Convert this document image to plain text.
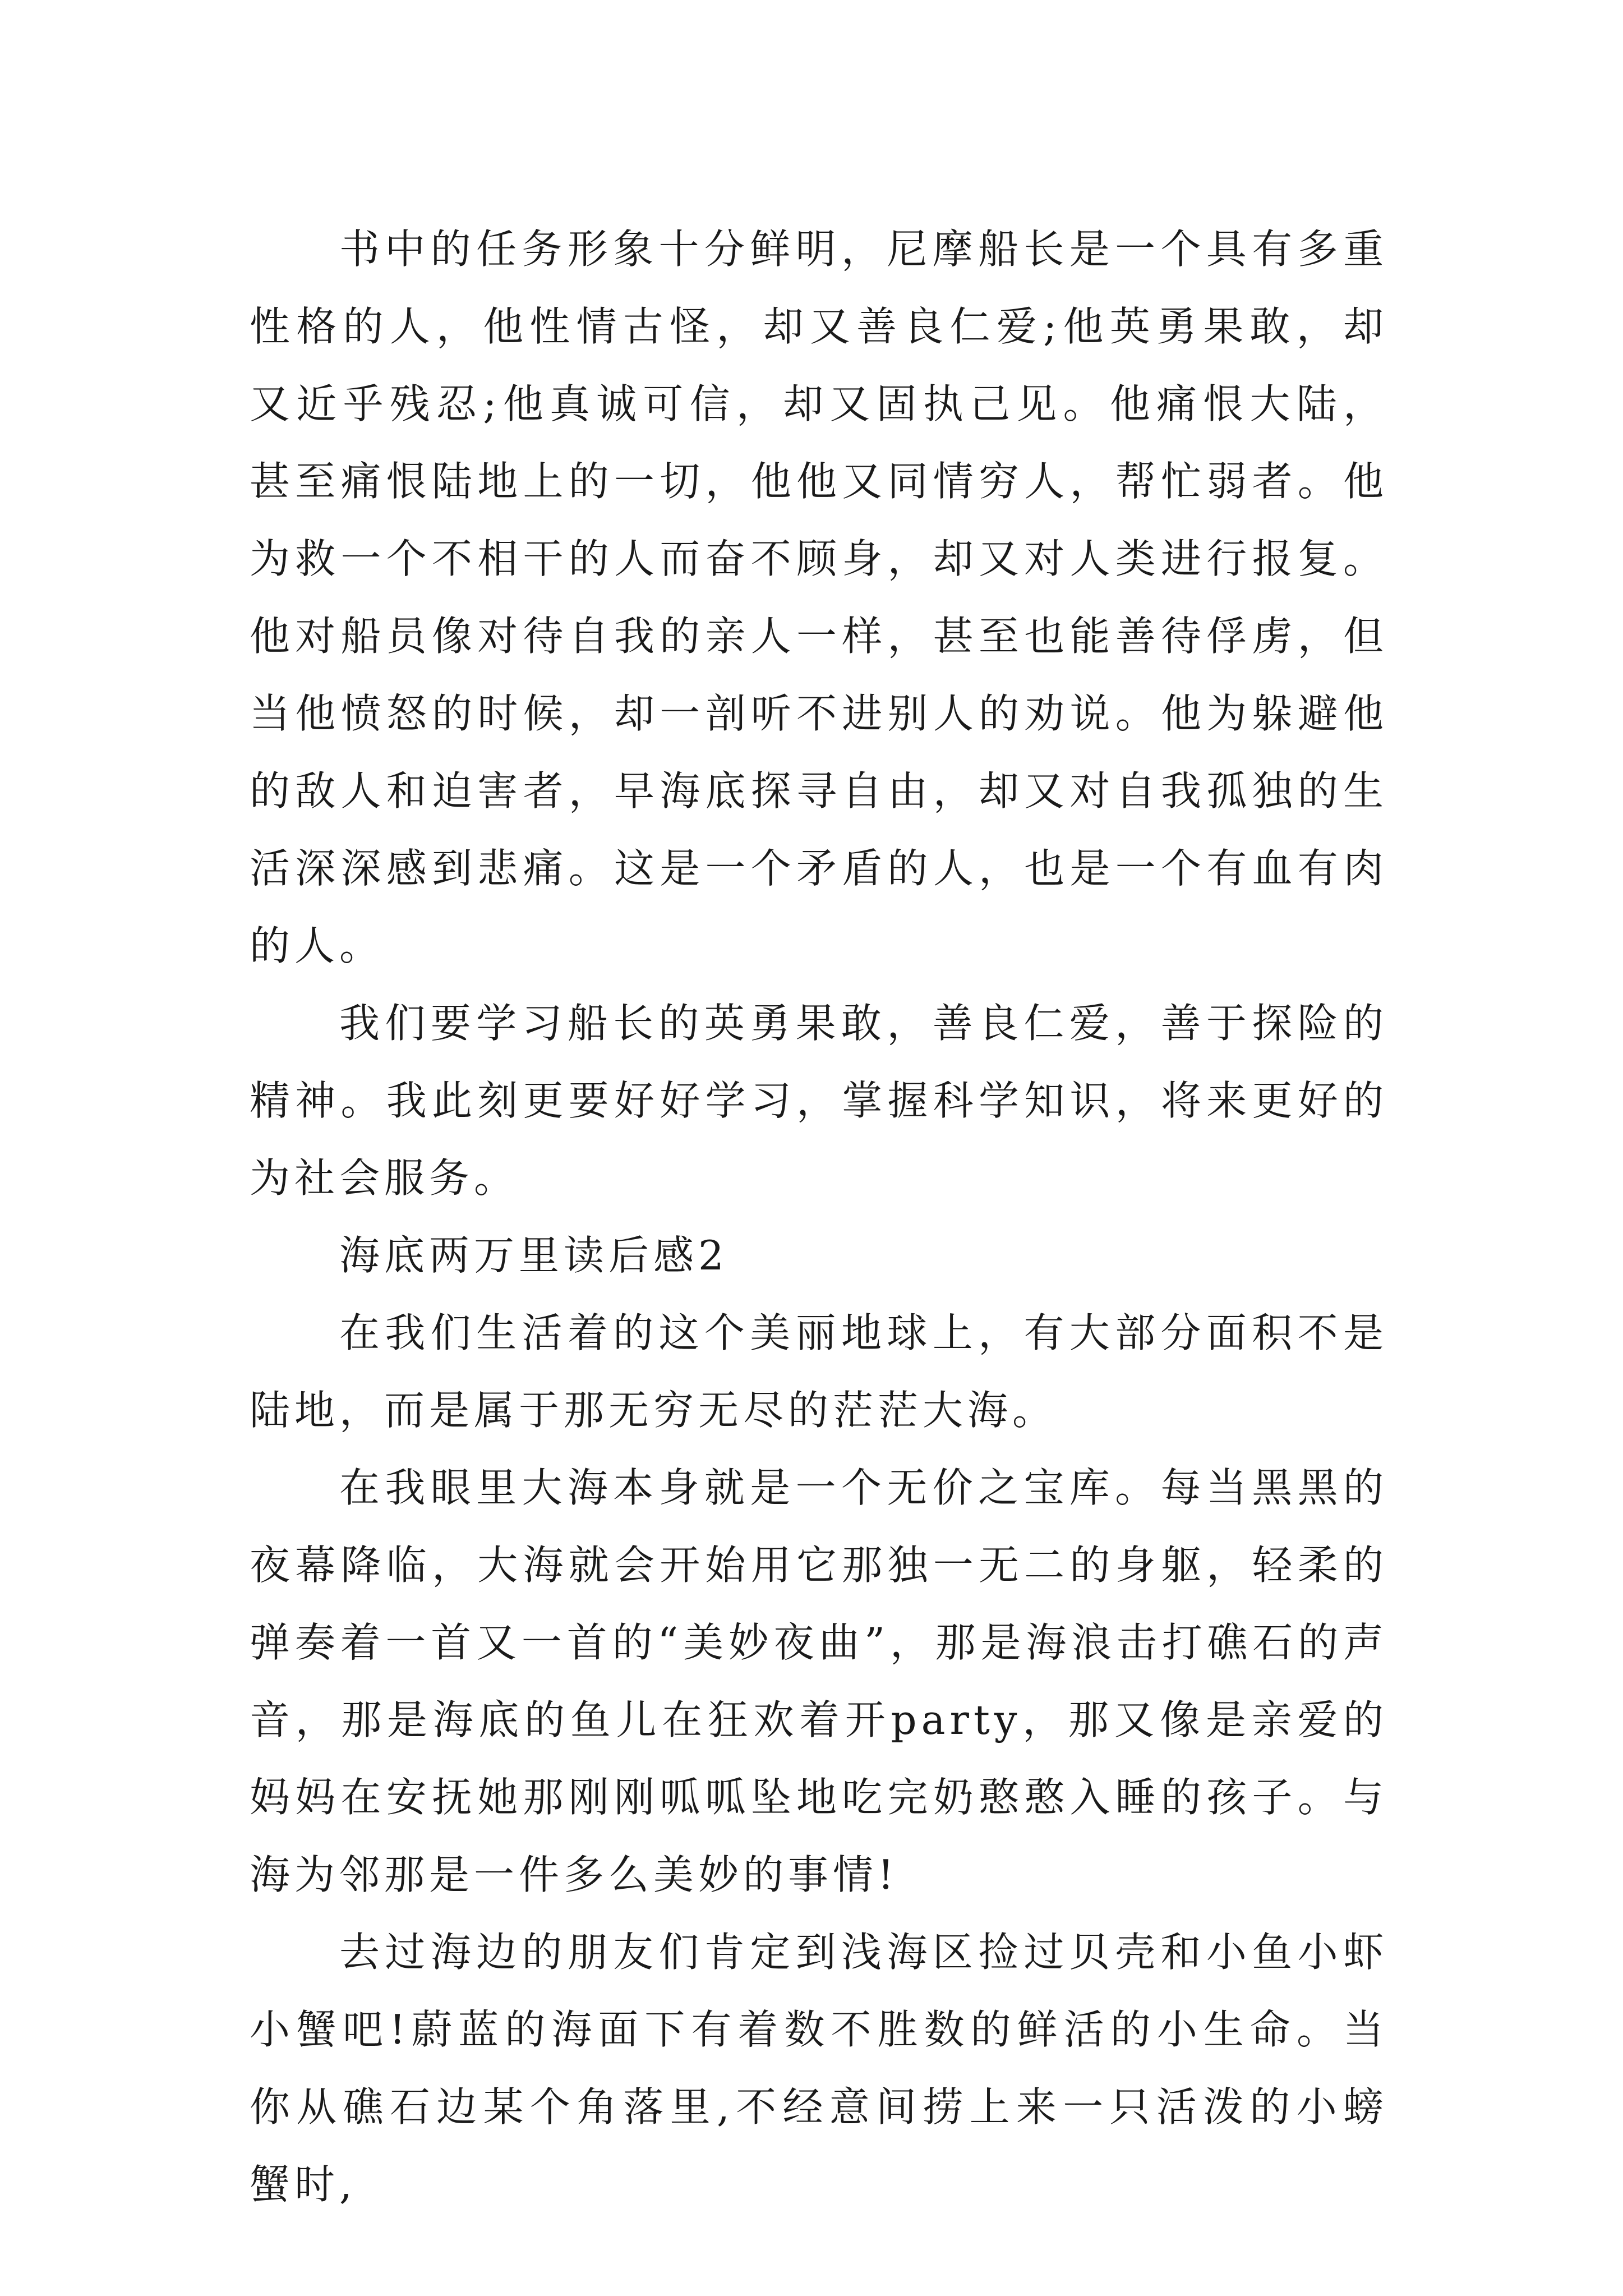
书中的任务形象十分鲜明，尼摩船长是一个具有多重性格的人，他性情古怪，却又善良仁爱;他英勇果敢，却又近乎残忍;他真诚可信，却又固执己见。他痛恨大陆，甚至痛恨陆地上的一切，他他又同情穷人，帮忙弱者。他为救一个不相干的人而奋不顾身，却又对人类进行报复。他对船员像对待自我的亲人一样，甚至也能善待俘虏，但当他愤怒的时候，却一剖听不进别人的劝说。他为躲避他的敌人和迫害者，早海底探寻自由，却又对自我孤独的生活深深感到悲痛。这是一个矛盾的人，也是一个有血有肉的人。

我们要学习船长的英勇果敢，善良仁爱，善于探险的精神。我此刻更要好好学习，掌握科学知识，将来更好的为社会服务。

海底两万里读后感2

在我们生活着的这个美丽地球上，有大部分面积不是陆地，而是属于那无穷无尽的茫茫大海。

在我眼里大海本身就是一个无价之宝库。每当黑黑的夜幕降临，大海就会开始用它那独一无二的身躯，轻柔的弹奏着一首又一首的“美妙夜曲”，那是海浪击打礁石的声音，那是海底的鱼儿在狂欢着开party，那又像是亲爱的妈妈在安抚她那刚刚呱呱坠地吃完奶憨憨入睡的孩子。与海为邻那是一件多么美妙的事情!

去过海边的朋友们肯定到浅海区捡过贝壳和小鱼小虾小蟹吧!蔚蓝的海面下有着数不胜数的鲜活的小生命。当你从礁石边某个角落里,不经意间捞上来一只活泼的小螃蟹时,
